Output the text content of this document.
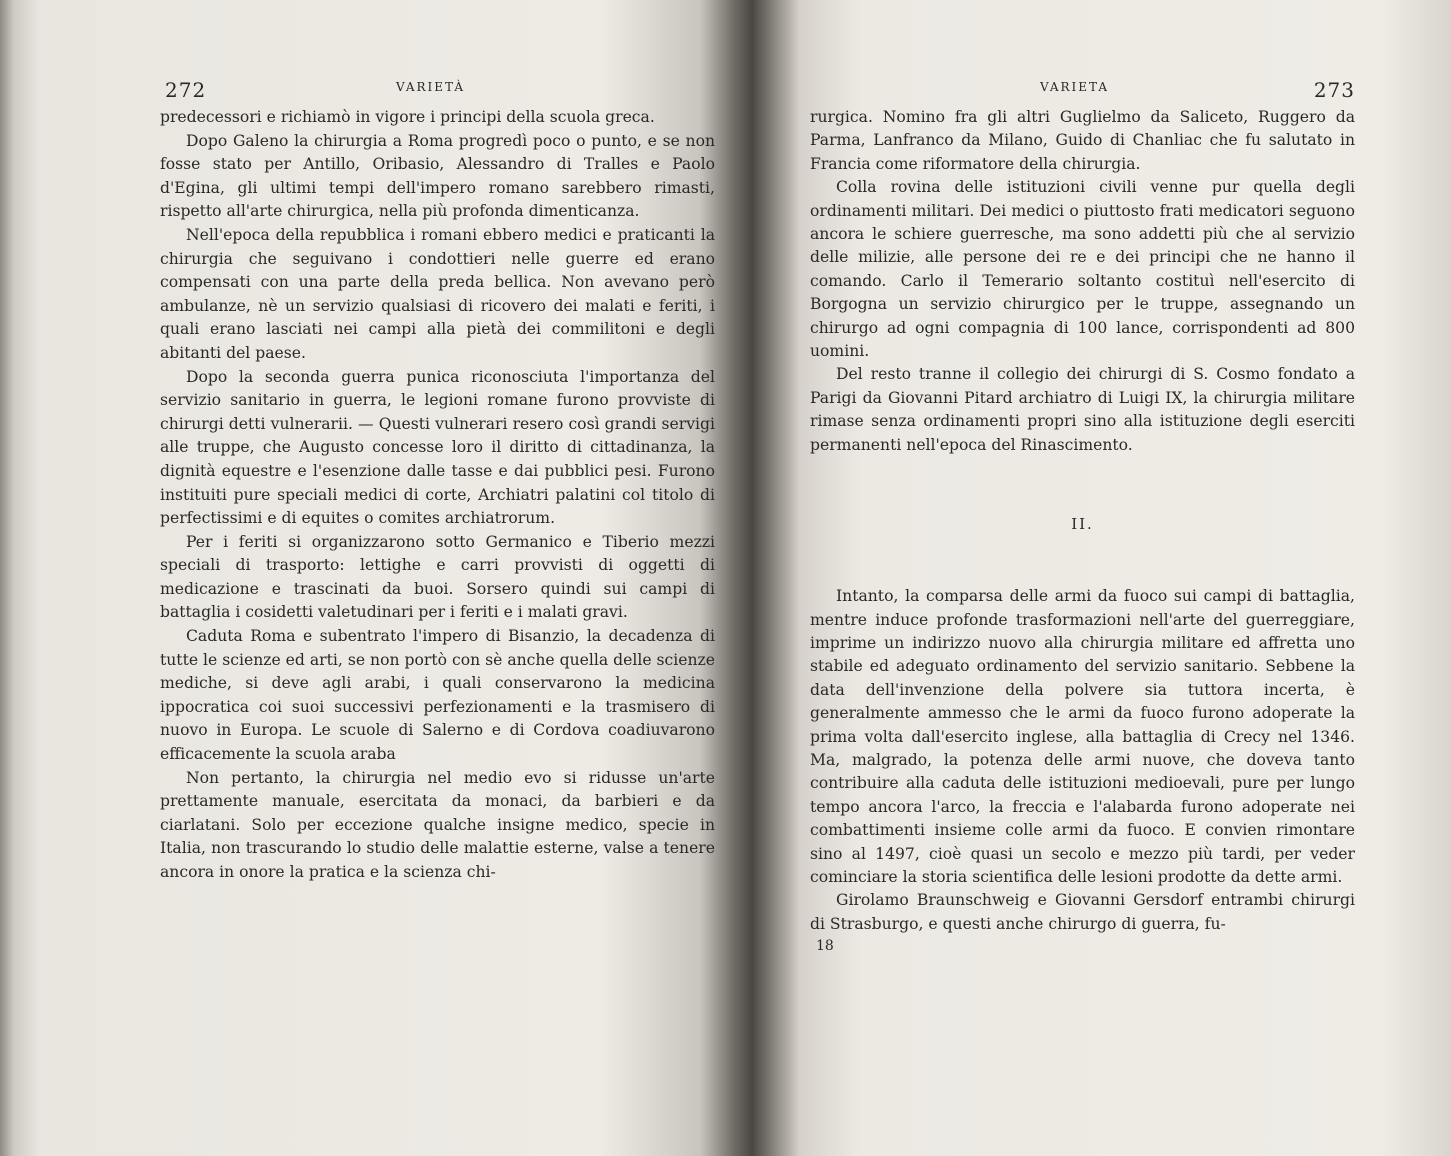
272	VARIETÀ

predecessori e richiamò in vigore i principi della scuola greca.

Dopo Galeno la chirurgia a Roma progredì poco o punto, e se non fosse stato per Antillo, Oribasio, Alessandro di Tralles e Paolo d'Egina, gli ultimi tempi dell'impero romano sarebbero rimasti, rispetto all'arte chirurgica, nella più profonda dimenticanza.

Nell'epoca della repubblica i romani ebbero medici e praticanti la chirurgia che seguivano i condottieri nelle guerre ed erano compensati con una parte della preda bellica. Non avevano però ambulanze, nè un servizio qualsiasi di ricovero dei malati e feriti, i quali erano lasciati nei campi alla pietà dei commilitoni e degli abitanti del paese.

Dopo la seconda guerra punica riconosciuta l'importanza del servizio sanitario in guerra, le legioni romane furono provviste di chirurgi detti vulnerarii. — Questi vulnerari resero così grandi servigi alle truppe, che Augusto concesse loro il diritto di cittadinanza, la dignità equestre e l'esenzione dalle tasse e dai pubblici pesi. Furono instituiti pure speciali medici di corte, Archiatri palatini col titolo di perfectissimi e di equites o comites archiatrorum.

Per i feriti si organizzarono sotto Germanico e Tiberio mezzi speciali di trasporto: lettighe e carri provvisti di oggetti di medicazione e trascinati da buoi. Sorsero quindi sui campi di battaglia i cosidetti valetudinari per i feriti e i malati gravi.

Caduta Roma e subentrato l'impero di Bisanzio, la decadenza di tutte le scienze ed arti, se non portò con sè anche quella delle scienze mediche, si deve agli arabi, i quali conservarono la medicina ippocratica coi suoi successivi perfezionamenti e la trasmisero di nuovo in Europa. Le scuole di Salerno e di Cordova coadiuvarono efficacemente la scuola araba

Non pertanto, la chirurgia nel medio evo si ridusse un'arte prettamente manuale, esercitata da monaci, da barbieri e da ciarlatani. Solo per eccezione qualche insigne medico, specie in Italia, non trascurando lo studio delle malattie esterne, valse a tenere ancora in onore la pratica e la scienza chi-

VARIETA	273

rurgica. Nomino fra gli altri Guglielmo da Saliceto, Ruggero da Parma, Lanfranco da Milano, Guido di Chanliac che fu salutato in Francia come riformatore della chirurgia.

Colla rovina delle istituzioni civili venne pur quella degli ordinamenti militari. Dei medici o piuttosto frati medicatori seguono ancora le schiere guerresche, ma sono addetti più che al servizio delle milizie, alle persone dei re e dei principi che ne hanno il comando. Carlo il Temerario soltanto costituì nell'esercito di Borgogna un servizio chirurgico per le truppe, assegnando un chirurgo ad ogni compagnia di 100 lance, corrispondenti ad 800 uomini.

Del resto tranne il collegio dei chirurgi di S. Cosmo fondato a Parigi da Giovanni Pitard archiatro di Luigi IX, la chirurgia militare rimase senza ordinamenti propri sino alla istituzione degli eserciti permanenti nell'epoca del Rinascimento.

II.

Intanto, la comparsa delle armi da fuoco sui campi di battaglia, mentre induce profonde trasformazioni nell'arte del guerreggiare, imprime un indirizzo nuovo alla chirurgia militare ed affretta uno stabile ed adeguato ordinamento del servizio sanitario. Sebbene la data dell'invenzione della polvere sia tuttora incerta, è generalmente ammesso che le armi da fuoco furono adoperate la prima volta dall'esercito inglese, alla battaglia di Crecy nel 1346. Ma, malgrado, la potenza delle armi nuove, che doveva tanto contribuire alla caduta delle istituzioni medioevali, pure per lungo tempo ancora l'arco, la freccia e l'alabarda furono adoperate nei combattimenti insieme colle armi da fuoco. E convien rimontare sino al 1497, cioè quasi un secolo e mezzo più tardi, per veder cominciare la storia scientifica delle lesioni prodotte da dette armi.

Girolamo Braunschweig e Giovanni Gersdorf entrambi chirurgi di Strasburgo, e questi anche chirurgo di guerra, fu-

18
